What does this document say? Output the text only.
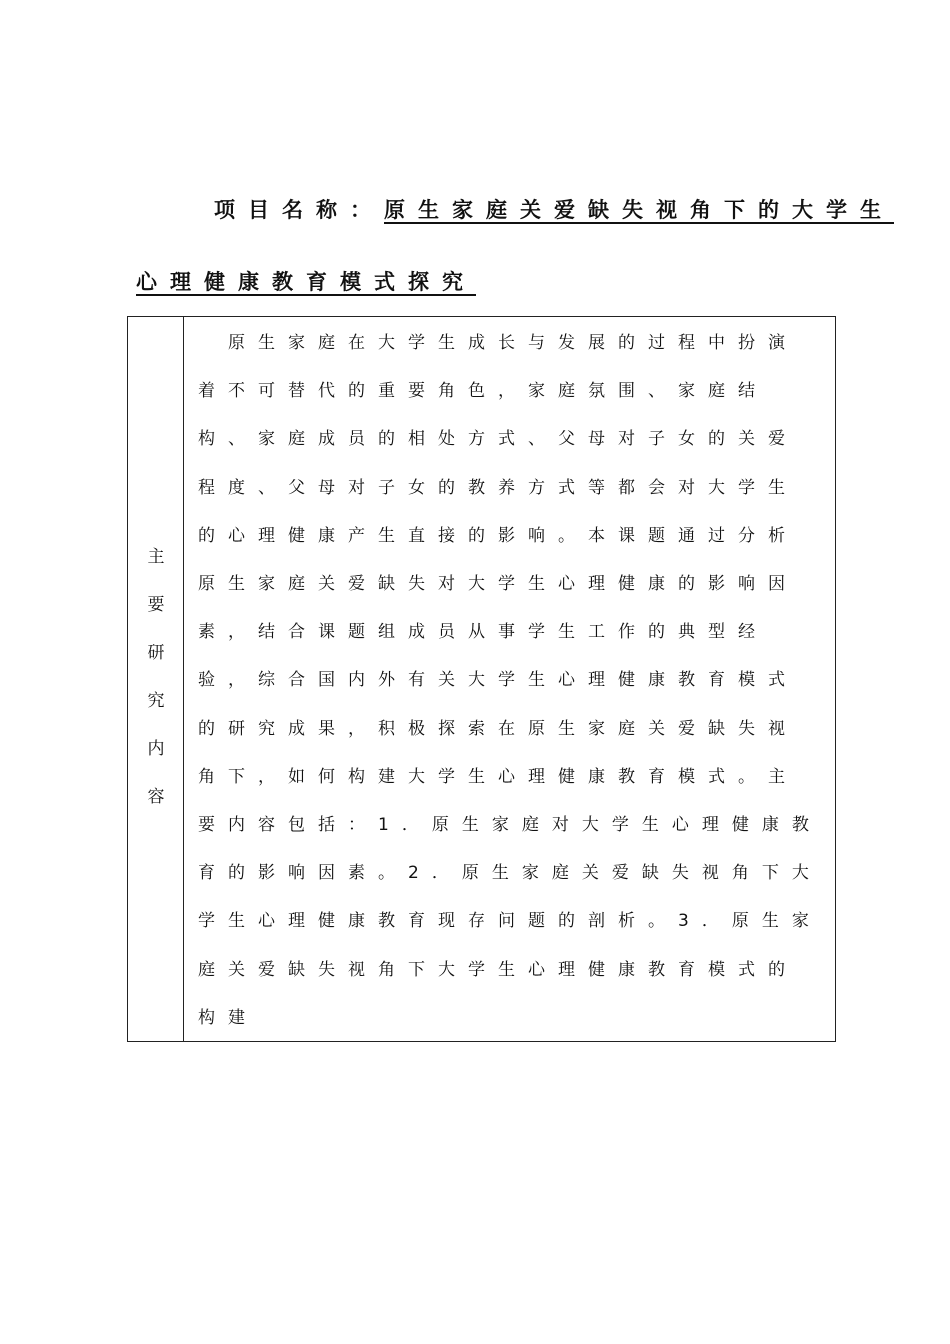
项目名称：原生家庭关爱缺失视角下的大学生
心理健康教育模式探究
主
要
研
究
内
容
　原生家庭在大学生成长与发展的过程中扮演
着不可替代的重要角色，家庭氛围、家庭结
构、家庭成员的相处方式、父母对子女的关爱
程度、父母对子女的教养方式等都会对大学生
的心理健康产生直接的影响。本课题通过分析
原生家庭关爱缺失对大学生心理健康的影响因
素，结合课题组成员从事学生工作的典型经
验，综合国内外有关大学生心理健康教育模式
的研究成果，积极探索在原生家庭关爱缺失视
角下，如何构建大学生心理健康教育模式。主
要内容包括：1．原生家庭对大学生心理健康教
育的影响因素。2．原生家庭关爱缺失视角下大
学生心理健康教育现存问题的剖析。3．原生家
庭关爱缺失视角下大学生心理健康教育模式的
构建
